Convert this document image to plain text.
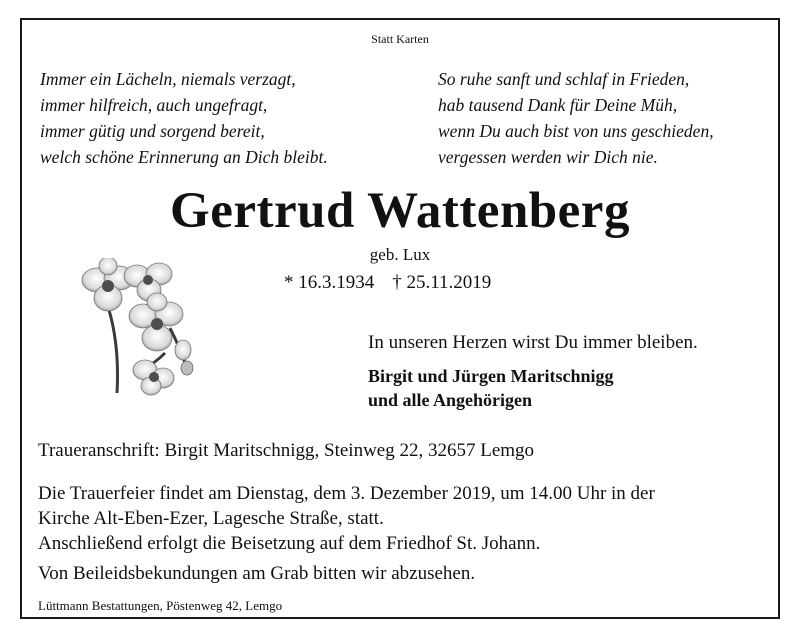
Statt Karten
Immer ein Lächeln, niemals verzagt,
immer hilfreich, auch ungefragt,
immer gütig und sorgend bereit,
welch schöne Erinnerung an Dich bleibt.
So ruhe sanft und schlaf in Frieden,
hab tausend Dank für Deine Müh,
wenn Du auch bist von uns geschieden,
vergessen werden wir Dich nie.
Gertrud Wattenberg
geb. Lux
* 16.3.1934 † 25.11.2019
In unseren Herzen wirst Du immer bleiben.
Birgit und Jürgen Maritschnigg
und alle Angehörigen
Traueranschrift: Birgit Maritschnigg, Steinweg 22, 32657 Lemgo
Die Trauerfeier findet am Dienstag, dem 3. Dezember 2019, um 14.00 Uhr in der
Kirche Alt-Eben-Ezer, Lagesche Straße, statt.
Anschließend erfolgt die Beisetzung auf dem Friedhof St. Johann.
Von Beileidsbekundungen am Grab bitten wir abzusehen.
Lüttmann Bestattungen, Pöstenweg 42, Lemgo
